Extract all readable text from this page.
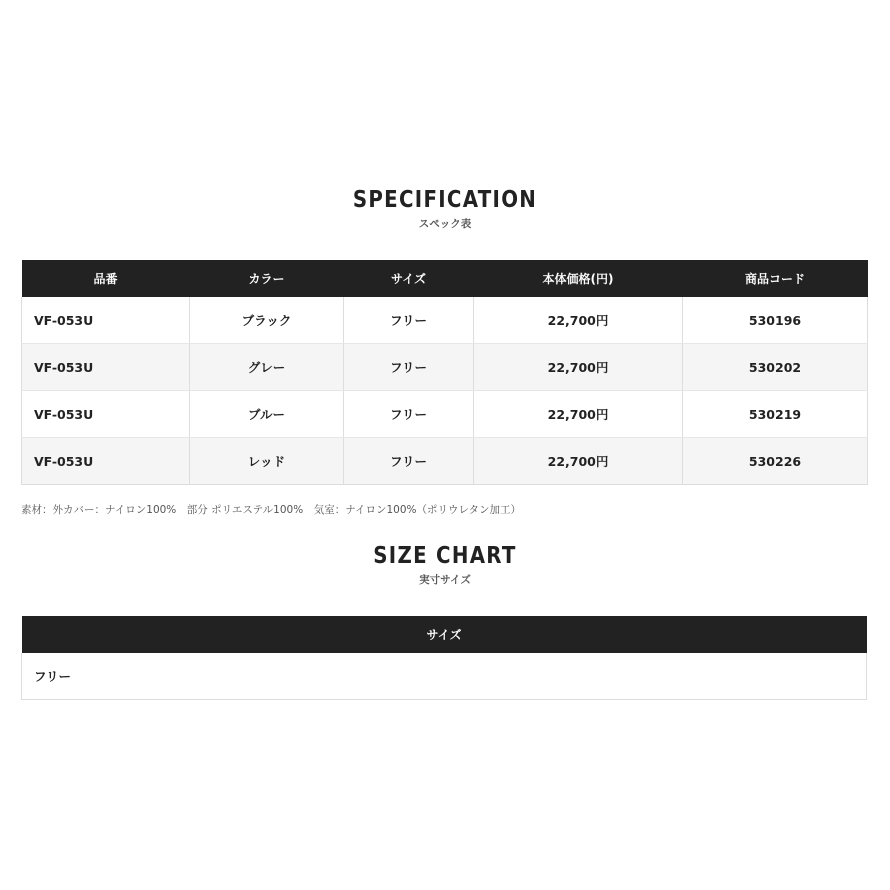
SPECIFICATION
スペック表
品番	カラー	サイズ	本体価格(円)	商品コード
VF-053U	ブラック	フリー	22,700円	530196
VF-053U	グレー	フリー	22,700円	530202
VF-053U	ブルー	フリー	22,700円	530219
VF-053U	レッド	フリー	22,700円	530226
素材：外カバー：ナイロン100%　部分 ポリエステル100%　気室：ナイロン100%（ポリウレタン加工）
SIZE CHART
実寸サイズ
サイズ
フリー
